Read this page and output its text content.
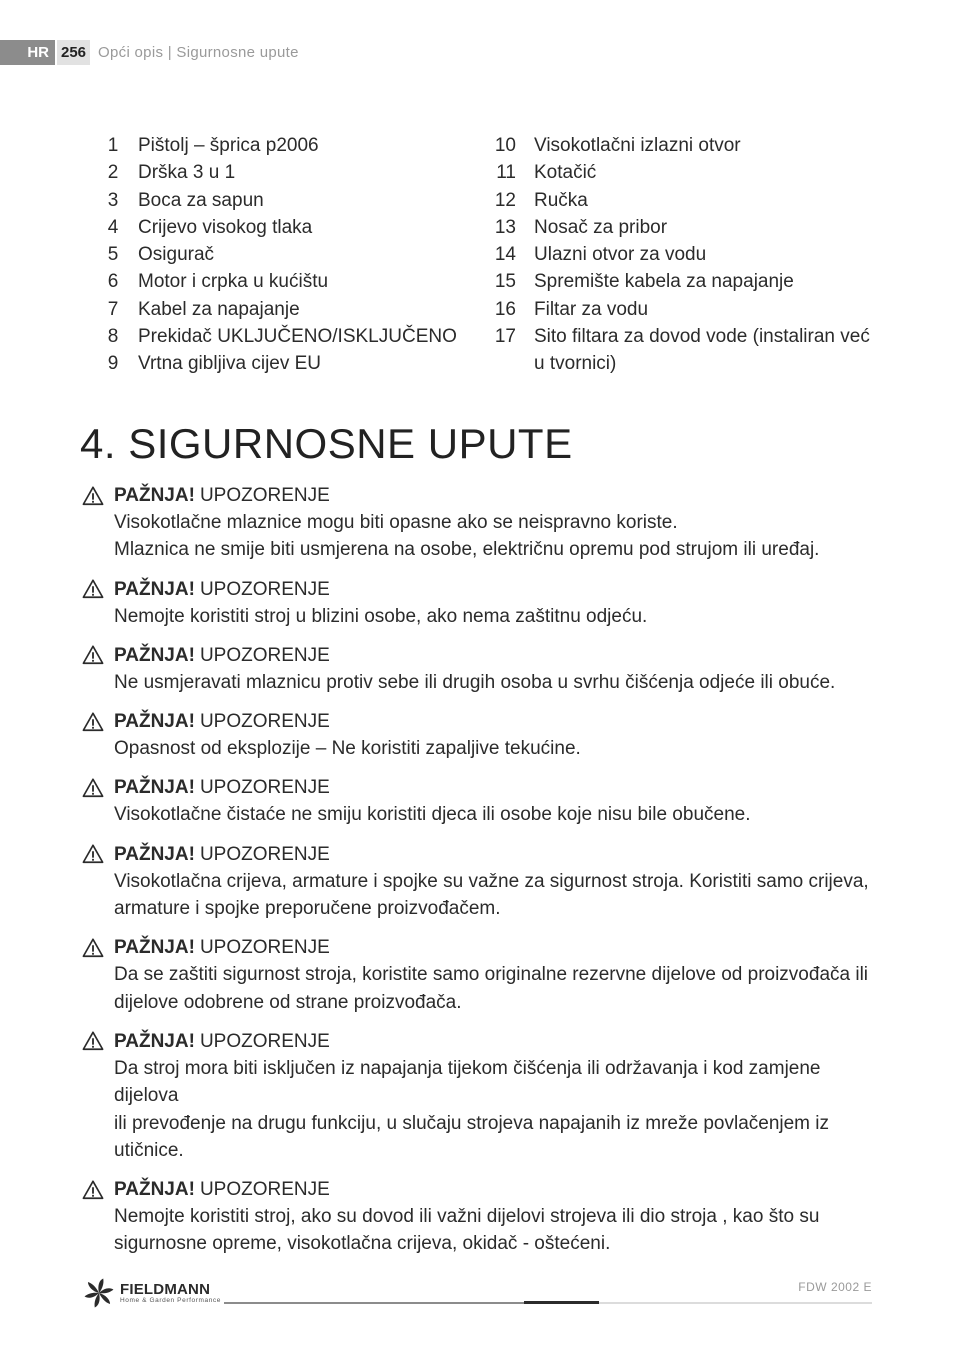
HR 256 Opći opis | Sigurnosne upute
1	Pištolj – šprica p2006
2	Drška 3 u 1
3	Boca za sapun
4	Crijevo visokog tlaka
5	Osigurač
6	Motor i crpka u kućištu
7	Kabel za napajanje
8	Prekidač UKLJUČENO/ISKLJUČENO
9	Vrtna gibljiva cijev EU
10 Visokotlačni izlazni otvor
11 Kotačić
12 Ručka
13 Nosač za pribor
14 Ulazni otvor za vodu
15 Spremište kabela za napajanje
16 Filtar za vodu
17 Sito filtara za dovod vode (instaliran već u tvornici)
4. SIGURNOSNE UPUTE
PAŽNJA! UPOZORENJE
Visokotlačne mlaznice mogu biti opasne ako se neispravno koriste.
Mlaznica ne smije biti usmjerena na osobe, električnu opremu pod strujom ili uređaj.
PAŽNJA! UPOZORENJE
Nemojte koristiti stroj u blizini osobe, ako nema zaštitnu odjeću.
PAŽNJA! UPOZORENJE
Ne usmjeravati mlaznicu protiv sebe ili drugih osoba u svrhu čišćenja odjeće ili obuće.
PAŽNJA! UPOZORENJE
Opasnost od eksplozije – Ne koristiti zapaljive tekućine.
PAŽNJA! UPOZORENJE
Visokotlačne čistaće ne smiju koristiti djeca ili osobe koje nisu bile obučene.
PAŽNJA! UPOZORENJE
Visokotlačna crijeva, armature i spojke su važne za sigurnost stroja. Koristiti samo crijeva,
armature i spojke preporučene proizvođačem.
PAŽNJA! UPOZORENJE
Da se zaštiti sigurnost stroja, koristite samo originalne rezervne dijelove od proizvođača ili
dijelove odobrene od strane proizvođača.
PAŽNJA! UPOZORENJE
Da stroj mora biti isključen iz napajanja tijekom čišćenja ili održavanja i kod zamjene dijelova
ili prevođenje na drugu funkciju, u slučaju strojeva napajanih iz mreže povlačenjem iz
utičnice.
PAŽNJA! UPOZORENJE
Nemojte koristiti stroj, ako su dovod ili važni dijelovi strojeva ili dio stroja , kao što su
sigurnosne opreme, visokotlačna crijeva, okidač - oštećeni.
FIELDMANN
Home & Garden Performance
FDW 2002 E
